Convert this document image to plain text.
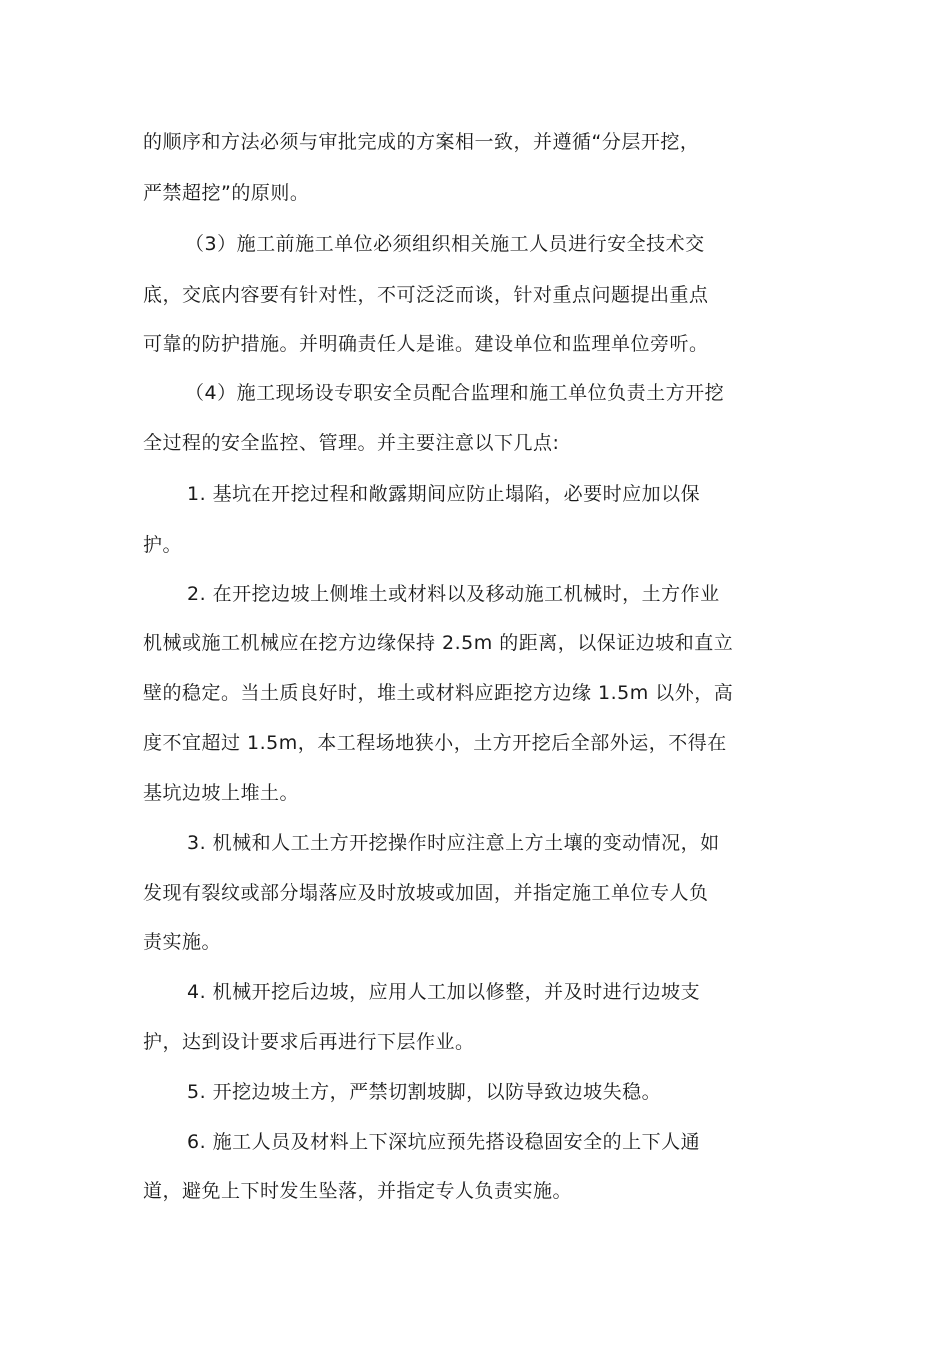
的顺序和方法必须与审批完成的方案相一致，并遵循“分层开挖，
严禁超挖”的原则。
（3）施工前施工单位必须组织相关施工人员进行安全技术交
底，交底内容要有针对性，不可泛泛而谈，针对重点问题提出重点
可靠的防护措施。并明确责任人是谁。建设单位和监理单位旁听。
（4）施工现场设专职安全员配合监理和施工单位负责土方开挖
全过程的安全监控、管理。并主要注意以下几点:
1. 基坑在开挖过程和敞露期间应防止塌陷，必要时应加以保
护。
2. 在开挖边坡上侧堆土或材料以及移动施工机械时，土方作业
机械或施工机械应在挖方边缘保持 2.5m 的距离，以保证边坡和直立
壁的稳定。当土质良好时，堆土或材料应距挖方边缘 1.5m 以外，高
度不宜超过 1.5m，本工程场地狭小，土方开挖后全部外运，不得在
基坑边坡上堆土。
3. 机械和人工土方开挖操作时应注意上方土壤的变动情况，如
发现有裂纹或部分塌落应及时放坡或加固，并指定施工单位专人负
责实施。
4. 机械开挖后边坡，应用人工加以修整，并及时进行边坡支
护，达到设计要求后再进行下层作业。
5. 开挖边坡土方，严禁切割坡脚，以防导致边坡失稳。
6. 施工人员及材料上下深坑应预先搭设稳固安全的上下人通
道，避免上下时发生坠落，并指定专人负责实施。
